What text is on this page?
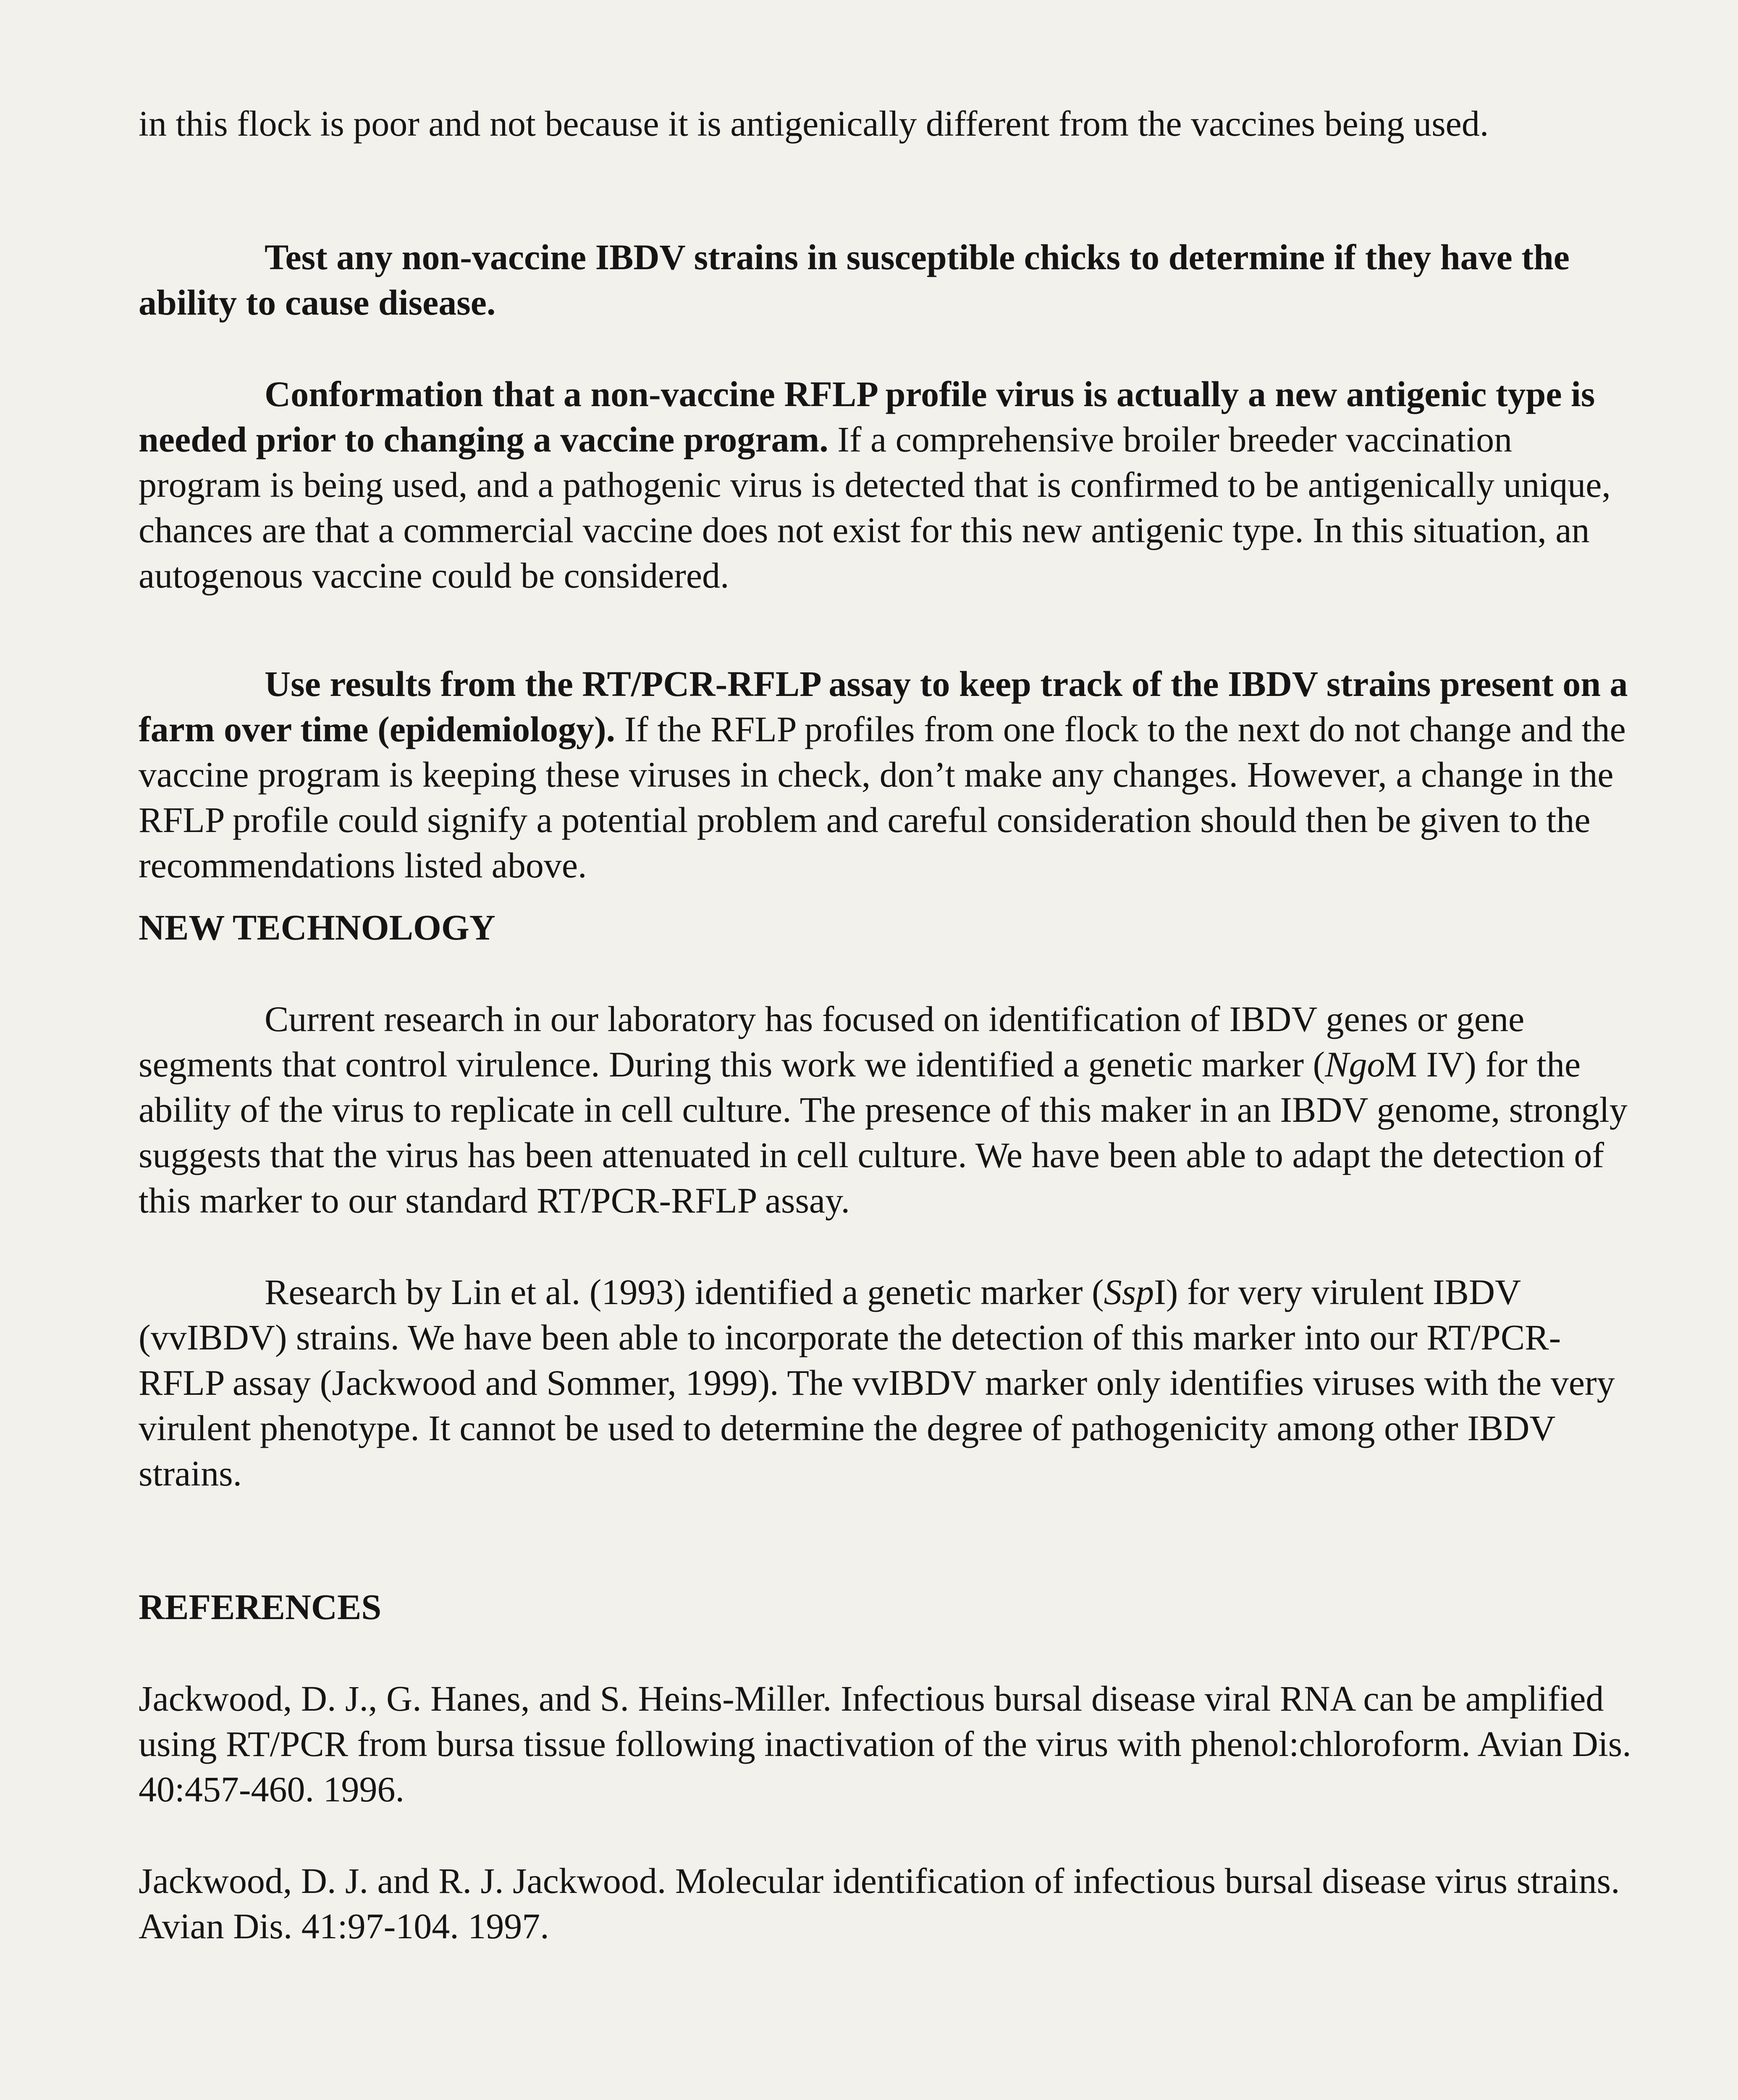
in this flock is poor and not because it is antigenically different from the vaccines being used.

Test any non-vaccine IBDV strains in susceptible chicks to determine if they have the ability to cause disease.

Conformation that a non-vaccine RFLP profile virus is actually a new antigenic type is needed prior to changing a vaccine program. If a comprehensive broiler breeder vaccination program is being used, and a pathogenic virus is detected that is confirmed to be antigenically unique, chances are that a commercial vaccine does not exist for this new antigenic type. In this situation, an autogenous vaccine could be considered.

Use results from the RT/PCR-RFLP assay to keep track of the IBDV strains present on a farm over time (epidemiology). If the RFLP profiles from one flock to the next do not change and the vaccine program is keeping these viruses in check, don’t make any changes. However, a change in the RFLP profile could signify a potential problem and careful consideration should then be given to the recommendations listed above.

NEW TECHNOLOGY

Current research in our laboratory has focused on identification of IBDV genes or gene segments that control virulence. During this work we identified a genetic marker (NgoM IV) for the ability of the virus to replicate in cell culture. The presence of this maker in an IBDV genome, strongly suggests that the virus has been attenuated in cell culture. We have been able to adapt the detection of this marker to our standard RT/PCR-RFLP assay.

Research by Lin et al. (1993) identified a genetic marker (SspI) for very virulent IBDV (vvIBDV) strains. We have been able to incorporate the detection of this marker into our RT/PCR-RFLP assay (Jackwood and Sommer, 1999). The vvIBDV marker only identifies viruses with the very virulent phenotype. It cannot be used to determine the degree of pathogenicity among other IBDV strains.

REFERENCES

Jackwood, D. J., G. Hanes, and S. Heins-Miller. Infectious bursal disease viral RNA can be amplified using RT/PCR from bursa tissue following inactivation of the virus with phenol:chloroform. Avian Dis. 40:457-460. 1996.

Jackwood, D. J. and R. J. Jackwood. Molecular identification of infectious bursal disease virus strains. Avian Dis. 41:97-104. 1997.
